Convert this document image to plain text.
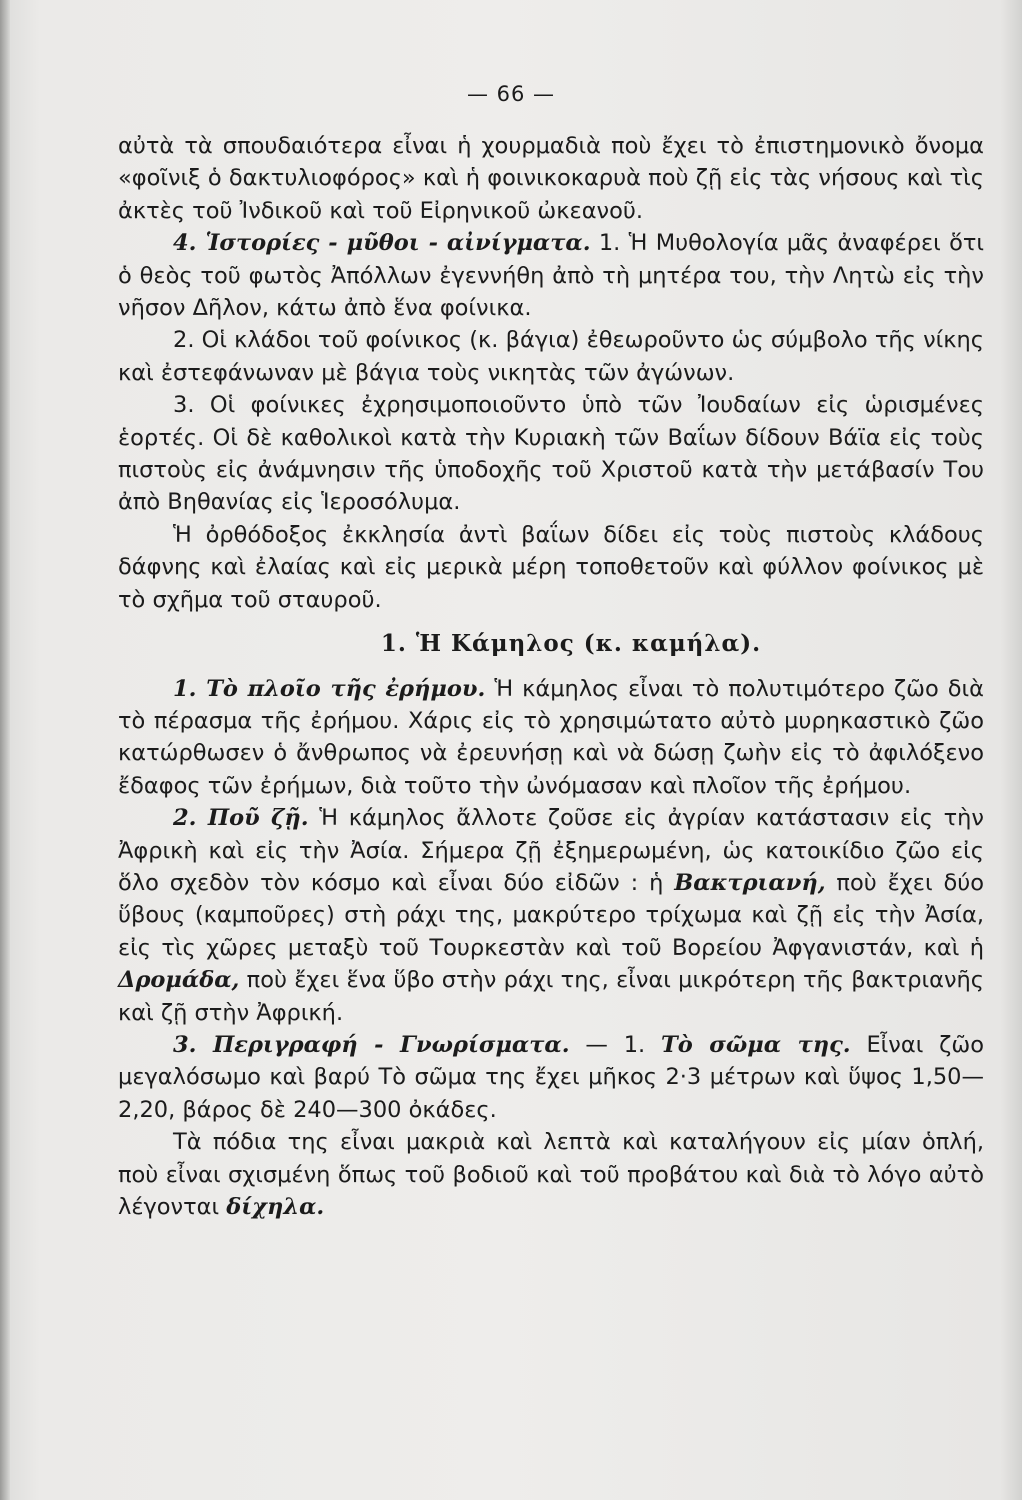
— 66 —

αὐτὰ τὰ σπουδαιότερα εἶναι ἡ χουρμαδιὰ ποὺ ἔχει τὸ ἐπιστημονικὸ ὄνομα «φοῖνιξ ὁ δακτυλιοφόρος» καὶ ἡ φοινικοκαρυὰ ποὺ ζῇ εἰς τὰς νήσους καὶ τὶς ἀκτὲς τοῦ Ἰνδικοῦ καὶ τοῦ Εἰρηνικοῦ ὠκεανοῦ.

4. Ἱστορίες - μῦθοι - αἰνίγματα. 1. Ἡ Μυθολογία μᾶς ἀναφέρει ὅτι ὁ θεὸς τοῦ φωτὸς Ἀπόλλων ἐγεννήθη ἀπὸ τὴ μητέρα του, τὴν Λητὼ εἰς τὴν νῆσον Δῆλον, κάτω ἀπὸ ἕνα φοίνικα.

2. Οἱ κλάδοι τοῦ φοίνικος (κ. βάγια) ἐθεωροῦντο ὡς σύμβολο τῆς νίκης καὶ ἐστεφάνωναν μὲ βάγια τοὺς νικητὰς τῶν ἀγώνων.

3. Οἱ φοίνικες ἐχρησιμοποιοῦντο ὑπὸ τῶν Ἰουδαίων εἰς ὡρισμένες ἑορτές. Οἱ δὲ καθολικοὶ κατὰ τὴν Κυριακὴ τῶν Βαΐων δίδουν Βάϊα εἰς τοὺς πιστοὺς εἰς ἀνάμνησιν τῆς ὑποδοχῆς τοῦ Χριστοῦ κατὰ τὴν μετάβασίν Του ἀπὸ Βηθανίας εἰς Ἱεροσόλυμα.

Ἡ ὀρθόδοξος ἐκκλησία ἀντὶ βαΐων δίδει εἰς τοὺς πιστοὺς κλάδους δάφνης καὶ ἐλαίας καὶ εἰς μερικὰ μέρη τοποθετοῦν καὶ φύλλον φοίνικος μὲ τὸ σχῆμα τοῦ σταυροῦ.

1. Ἡ Κάμηλος (κ. καμήλα).

1. Τὸ πλοῖο τῆς ἐρήμου. Ἡ κάμηλος εἶναι τὸ πολυτιμότερο ζῶο διὰ τὸ πέρασμα τῆς ἐρήμου. Χάρις εἰς τὸ χρησιμώτατο αὐτὸ μυρηκαστικὸ ζῶο κατώρθωσεν ὁ ἄνθρωπος νὰ ἐρευνήσῃ καὶ νὰ δώσῃ ζωὴν εἰς τὸ ἀφιλόξενο ἔδαφος τῶν ἐρήμων, διὰ τοῦτο τὴν ὠνόμασαν καὶ πλοῖον τῆς ἐρήμου.

2. Ποῦ ζῇ. Ἡ κάμηλος ἄλλοτε ζοῦσε εἰς ἀγρίαν κατάστασιν εἰς τὴν Ἀφρικὴ καὶ εἰς τὴν Ἀσία. Σήμερα ζῇ ἐξημερωμένη, ὡς κατοικίδιο ζῶο εἰς ὅλο σχεδὸν τὸν κόσμο καὶ εἶναι δύο εἰδῶν : ἡ Βακτριανή, ποὺ ἔχει δύο ὕβους (καμποῦρες) στὴ ράχι της, μακρύτερο τρίχωμα καὶ ζῇ εἰς τὴν Ἀσία, εἰς τὶς χῶρες μεταξὺ τοῦ Τουρκεστὰν καὶ τοῦ Βορείου Ἀφγανιστάν, καὶ ἡ Δρομάδα, ποὺ ἔχει ἕνα ὕβο στὴν ράχι της, εἶναι μικρότερη τῆς βακτριανῆς καὶ ζῇ στὴν Ἀφρική.

3. Περιγραφή - Γνωρίσματα. — 1. Τὸ σῶμα της. Εἶναι ζῶο μεγαλόσωμο καὶ βαρύ Τὸ σῶμα της ἔχει μῆκος 2·3 μέτρων καὶ ὕψος 1,50—2,20, βάρος δὲ 240—300 ὀκάδες.

Τὰ πόδια της εἶναι μακριὰ καὶ λεπτὰ καὶ καταλήγουν εἰς μίαν ὁπλή, ποὺ εἶναι σχισμένη ὅπως τοῦ βοδιοῦ καὶ τοῦ προβάτου καὶ διὰ τὸ λόγο αὐτὸ λέγονται δίχηλα.
